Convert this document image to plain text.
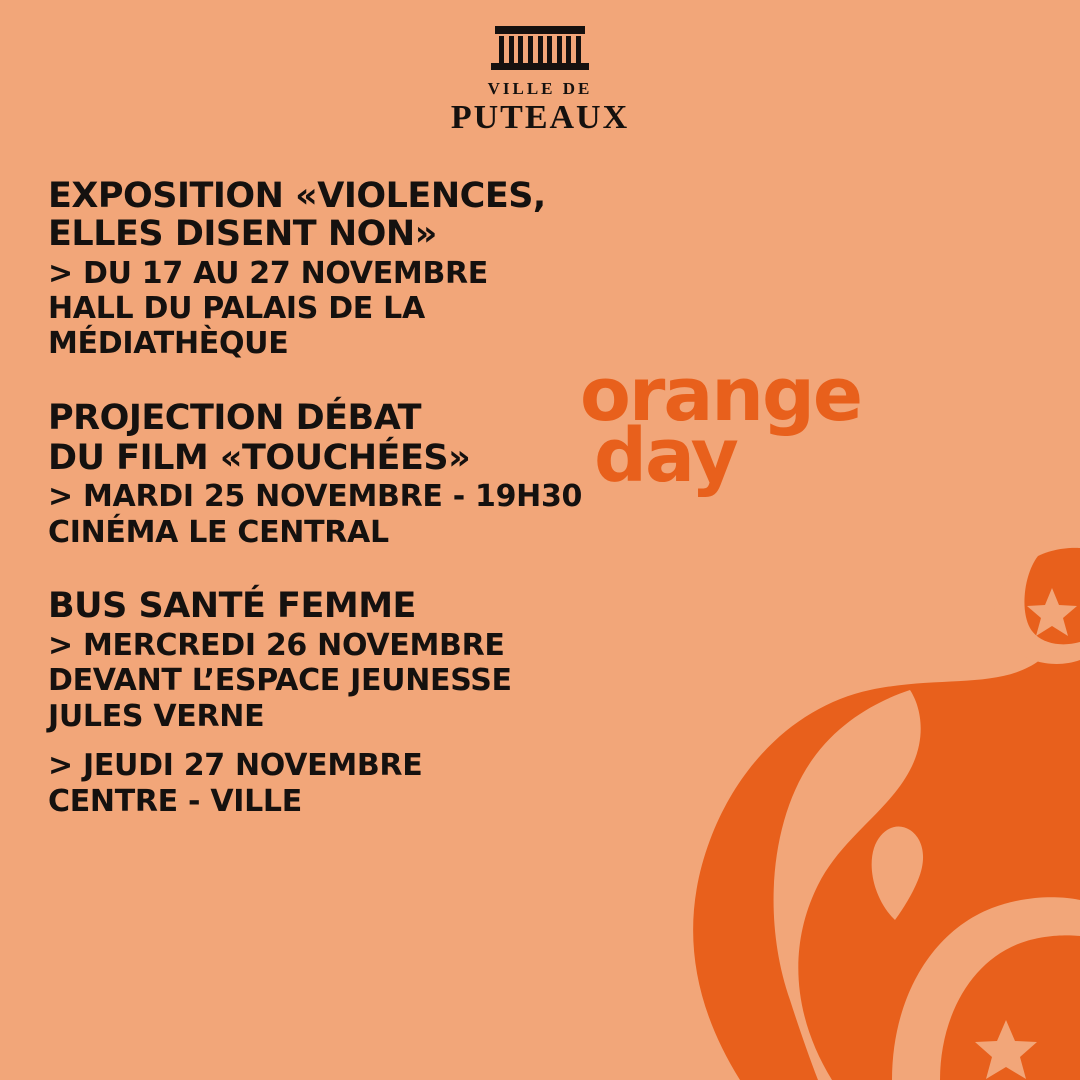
VILLE DE
PUTEAUX
orange
day
EXPOSITION «VIOLENCES, ELLES DISENT NON»
> DU 17 AU 27 NOVEMBRE
HALL DU PALAIS DE LA MÉDIATHÈQUE
PROJECTION DÉBAT
DU FILM «TOUCHÉES»
> MARDI 25 NOVEMBRE - 19H30
CINÉMA LE CENTRAL
BUS SANTÉ FEMME
> MERCREDI 26 NOVEMBRE
DEVANT L’ESPACE JEUNESSE
JULES VERNE
> JEUDI 27 NOVEMBRE
CENTRE - VILLE
